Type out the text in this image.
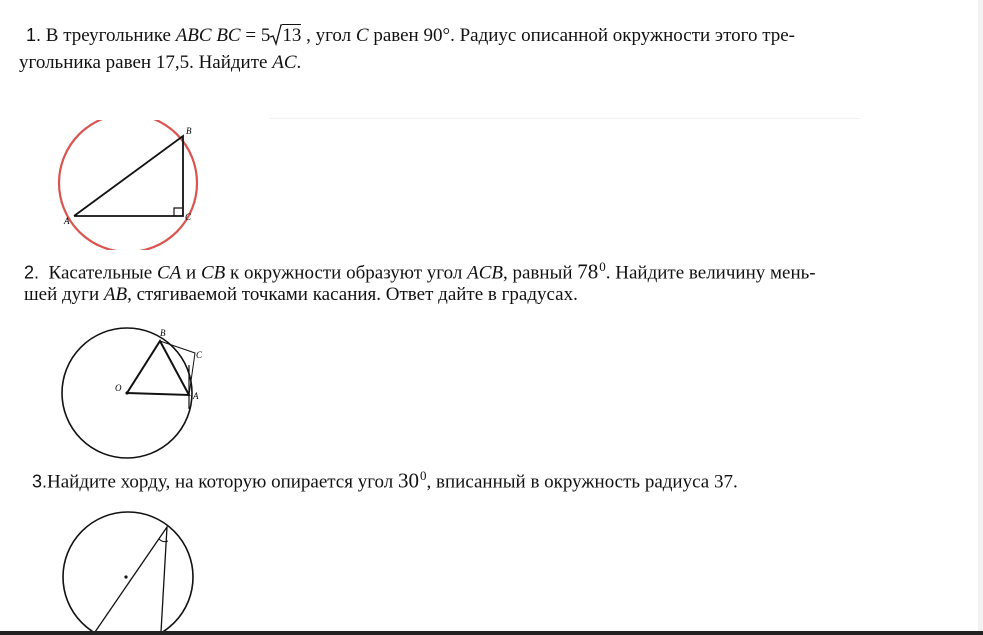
1. В треугольнике ABC BC = 5 13 , угол C равен 90°. Радиус описанной окружности этого тре-
угольника равен 17,5. Найдите AC.
A
B
C
2. Касательные CA и CB к окружности образуют угол ACB, равный $78^0$. Найдите величину мень-
шей дуги AB, стягиваемой точками касания. Ответ дайте в градусах.
O
B
C
A
3.Найдите хорду, на которую опирается угол $30^0$, вписанный в окружность радиуса 37.
